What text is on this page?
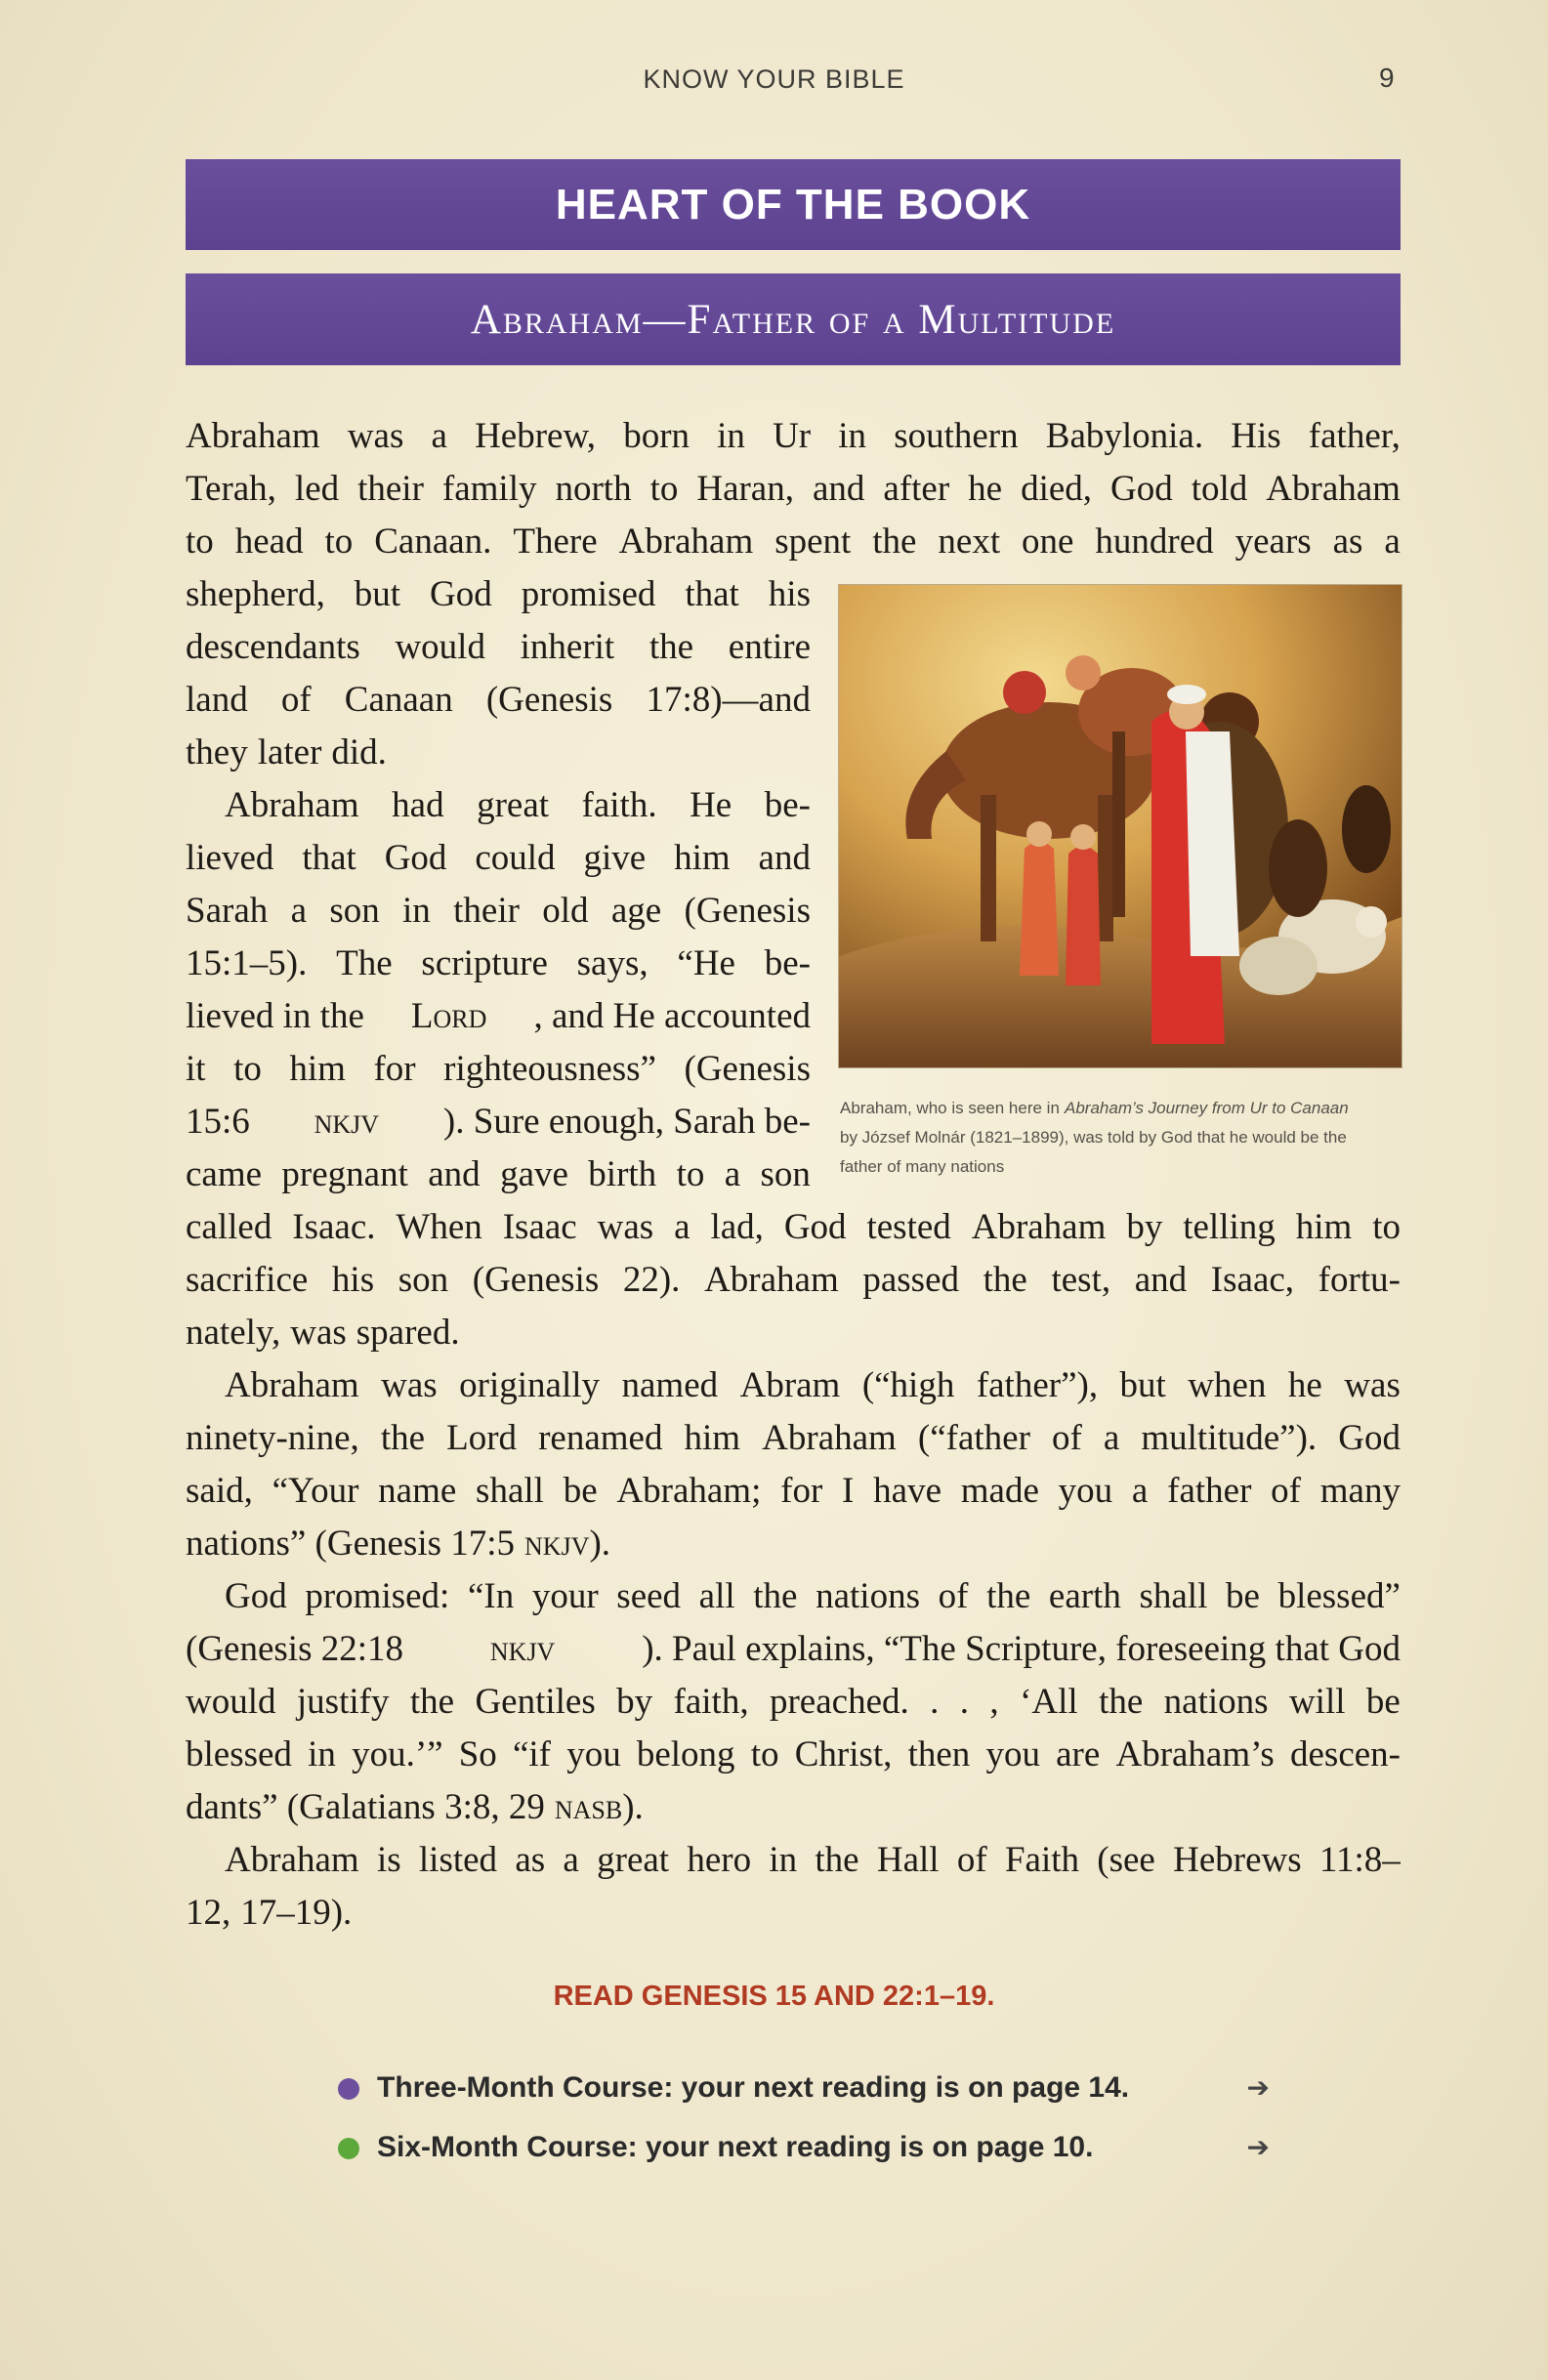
KNOW YOUR BIBLE	9
HEART OF THE BOOK
Abraham—Father of a Multitude
Abraham was a Hebrew, born in Ur in southern Babylonia. His father,
Terah, led their family north to Haran, and after he died, God told Abraham
to head to Canaan. There Abraham spent the next one hundred years as a
shepherd, but God promised that his
descendants would inherit the entire
land of Canaan (Genesis 17:8)—and
they later did.
Abraham had great faith. He be-
lieved that God could give him and
Sarah a son in their old age (Genesis
15:1–5). The scripture says, “He be-
lieved in the Lord , and He accounted
it to him for righteousness” (Genesis
15:6 nkjv ). Sure enough, Sarah be-
came pregnant and gave birth to a son
Abraham, who is seen here in Abraham’s Journey from Ur to Canaan
by József Molnár (1821–1899), was told by God that he would be the
father of many nations
called Isaac. When Isaac was a lad, God tested Abraham by telling him to
sacrifice his son (Genesis 22). Abraham passed the test, and Isaac, fortu-
nately, was spared.
Abraham was originally named Abram (“high father”), but when he was
ninety-nine, the Lord renamed him Abraham (“father of a multitude”). God
said, “Your name shall be Abraham; for I have made you a father of many
nations” (Genesis 17:5 nkjv ).
God promised: “In your seed all the nations of the earth shall be blessed”
(Genesis 22:18 nkjv ). Paul explains, “The Scripture, foreseeing that God
would justify the Gentiles by faith, preached. . . , ‘All the nations will be
blessed in you.’” So “if you belong to Christ, then you are Abraham’s descen-
dants” (Galatians 3:8, 29 nasb ).
Abraham is listed as a great hero in the Hall of Faith (see Hebrews 11:8–
12, 17–19).
READ GENESIS 15 AND 22:1–19.
Three-Month Course: your next reading is on page 14.	➔
Six-Month Course: your next reading is on page 10.	➔
